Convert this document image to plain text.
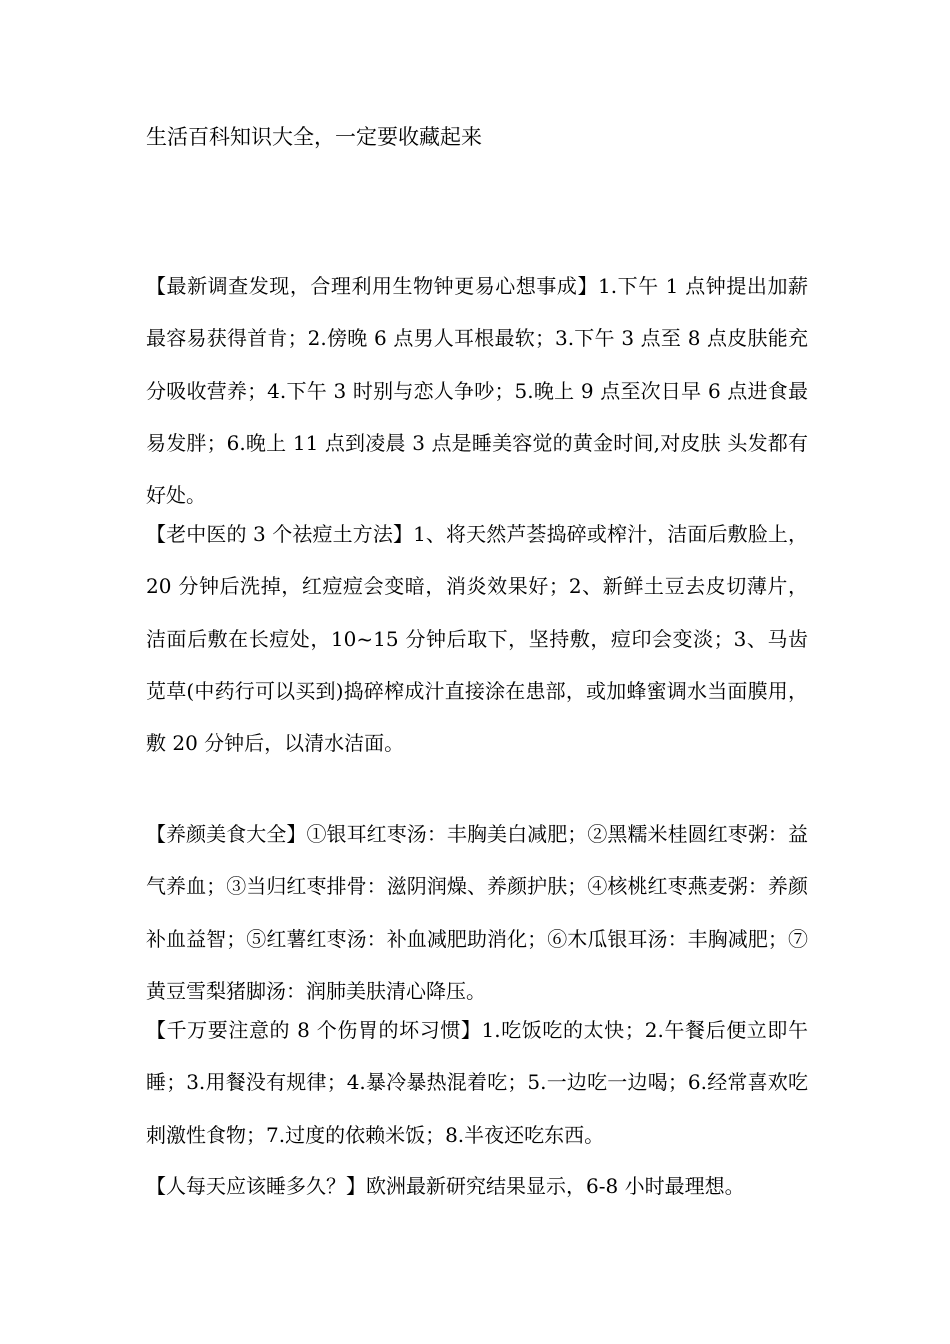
生活百科知识大全，一定要收藏起来

【最新调查发现，合理利用生物钟更易心想事成】1.下午 1 点钟提出加薪最容易获得首肯；2.傍晚 6 点男人耳根最软；3.下午 3 点至 8 点皮肤能充分吸收营养；4.下午 3 时别与恋人争吵；5.晚上 9 点至次日早 6 点进食最易发胖；6.晚上 11 点到凌晨 3 点是睡美容觉的黄金时间,对皮肤 头发都有好处。

【老中医的 3 个祛痘土方法】1、将天然芦荟捣碎或榨汁，洁面后敷脸上，20 分钟后洗掉，红痘痘会变暗，消炎效果好；2、新鲜土豆去皮切薄片，洁面后敷在长痘处，10~15 分钟后取下，坚持敷，痘印会变淡；3、马齿苋草(中药行可以买到)捣碎榨成汁直接涂在患部，或加蜂蜜调水当面膜用，敷 20 分钟后，以清水洁面。

【养颜美食大全】①银耳红枣汤：丰胸美白减肥；②黑糯米桂圆红枣粥：益气养血；③当归红枣排骨：滋阴润燥、养颜护肤；④核桃红枣燕麦粥：养颜补血益智；⑤红薯红枣汤：补血减肥助消化；⑥木瓜银耳汤：丰胸减肥；⑦黄豆雪梨猪脚汤：润肺美肤清心降压。

【千万要注意的 8 个伤胃的坏习惯】1.吃饭吃的太快；2.午餐后便立即午睡；3.用餐没有规律；4.暴冷暴热混着吃；5.一边吃一边喝；6.经常喜欢吃刺激性食物；7.过度的依赖米饭；8.半夜还吃东西。

【人每天应该睡多久？】欧洲最新研究结果显示，6-8 小时最理想。
